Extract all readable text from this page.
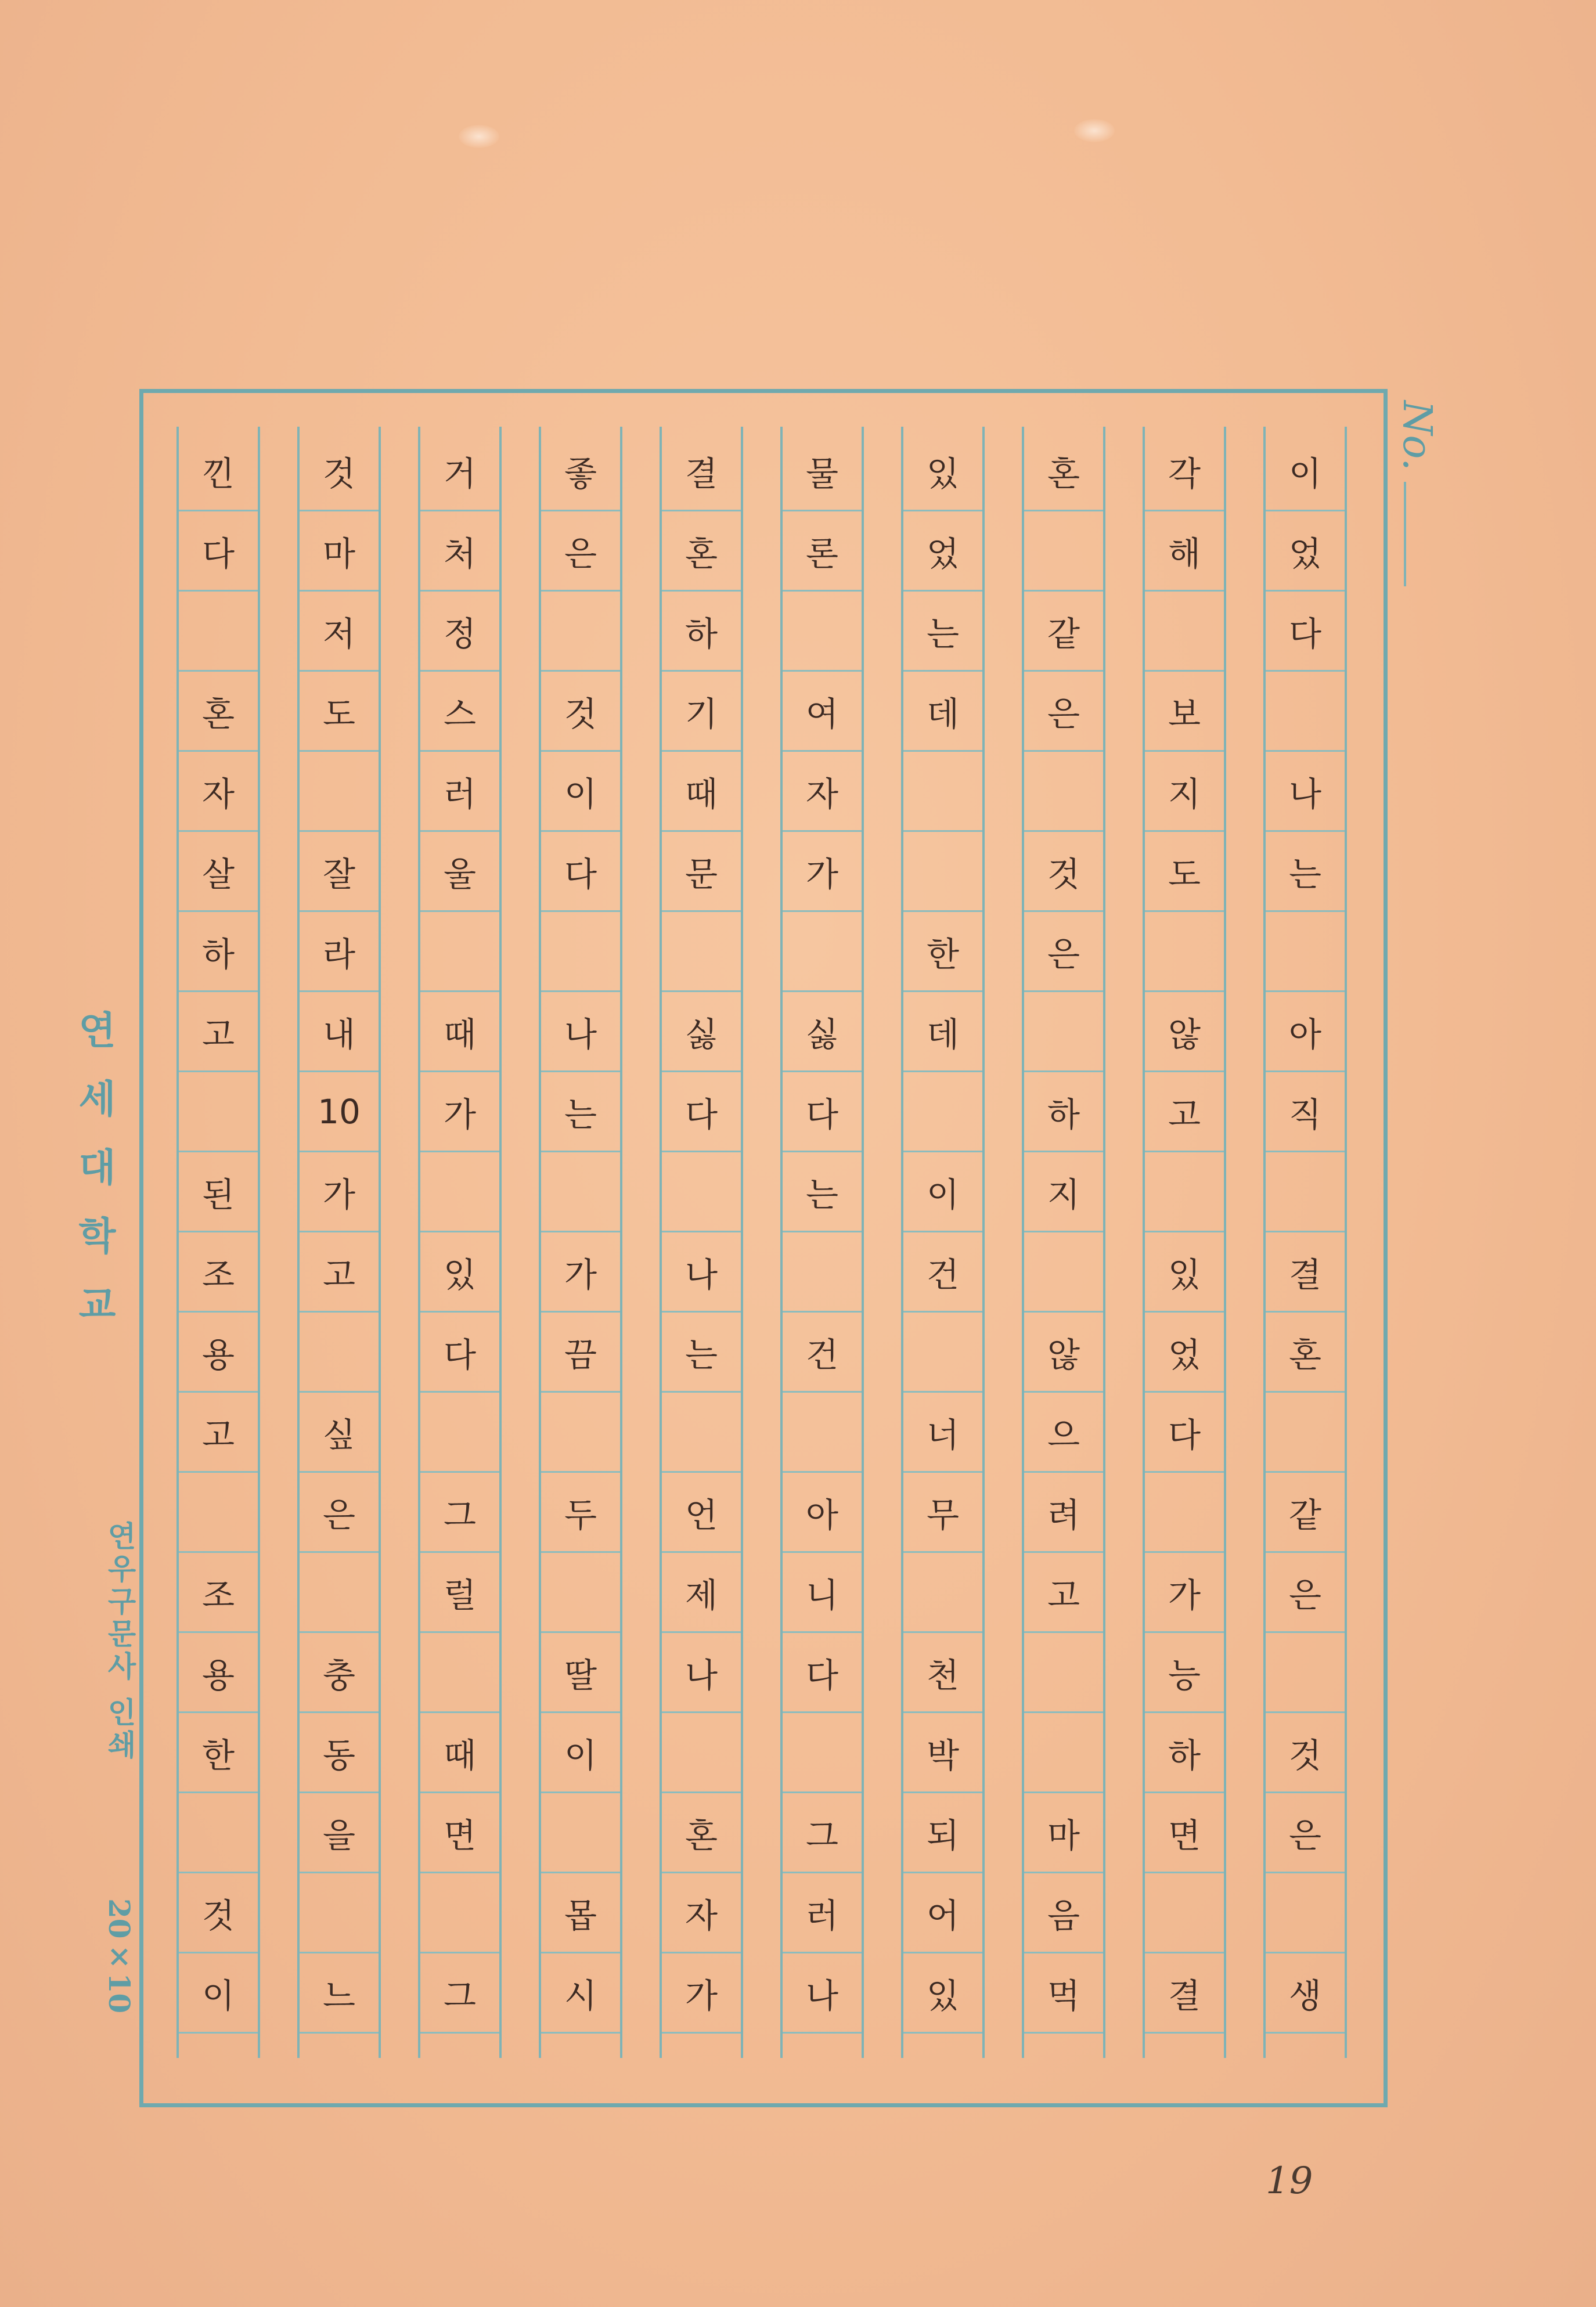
이
었
다
나
는
아
직
결
혼
같
은
것
은
생
각
해
보
지
도
않
고
있
었
다
가
능
하
면
결
혼
같
은
것
은
하
지
않
으
려
고
마
음
먹
있
었
는
데
한
데
이
건
너
무
천
박
되
어
있
물
론
여
자
가
싫
다
는
건
아
니
다
그
러
나
결
혼
하
기
때
문
싫
다
나
는
언
제
나
혼
자
가
좋
은
것
이
다
나
는
가
끔
두
딸
이
몹
시
거
처
정
스
러
울
때
가
있
다
그
럴
때
면
그
것
마
저
도
잘
라
내
10
가
고
싶
은
충
동
을
느
낀
다
혼
자
살
하
고
된
조
용
고
조
용
한
것
이
No.
연세대학교
연우구문사 인쇄
20×10
19
